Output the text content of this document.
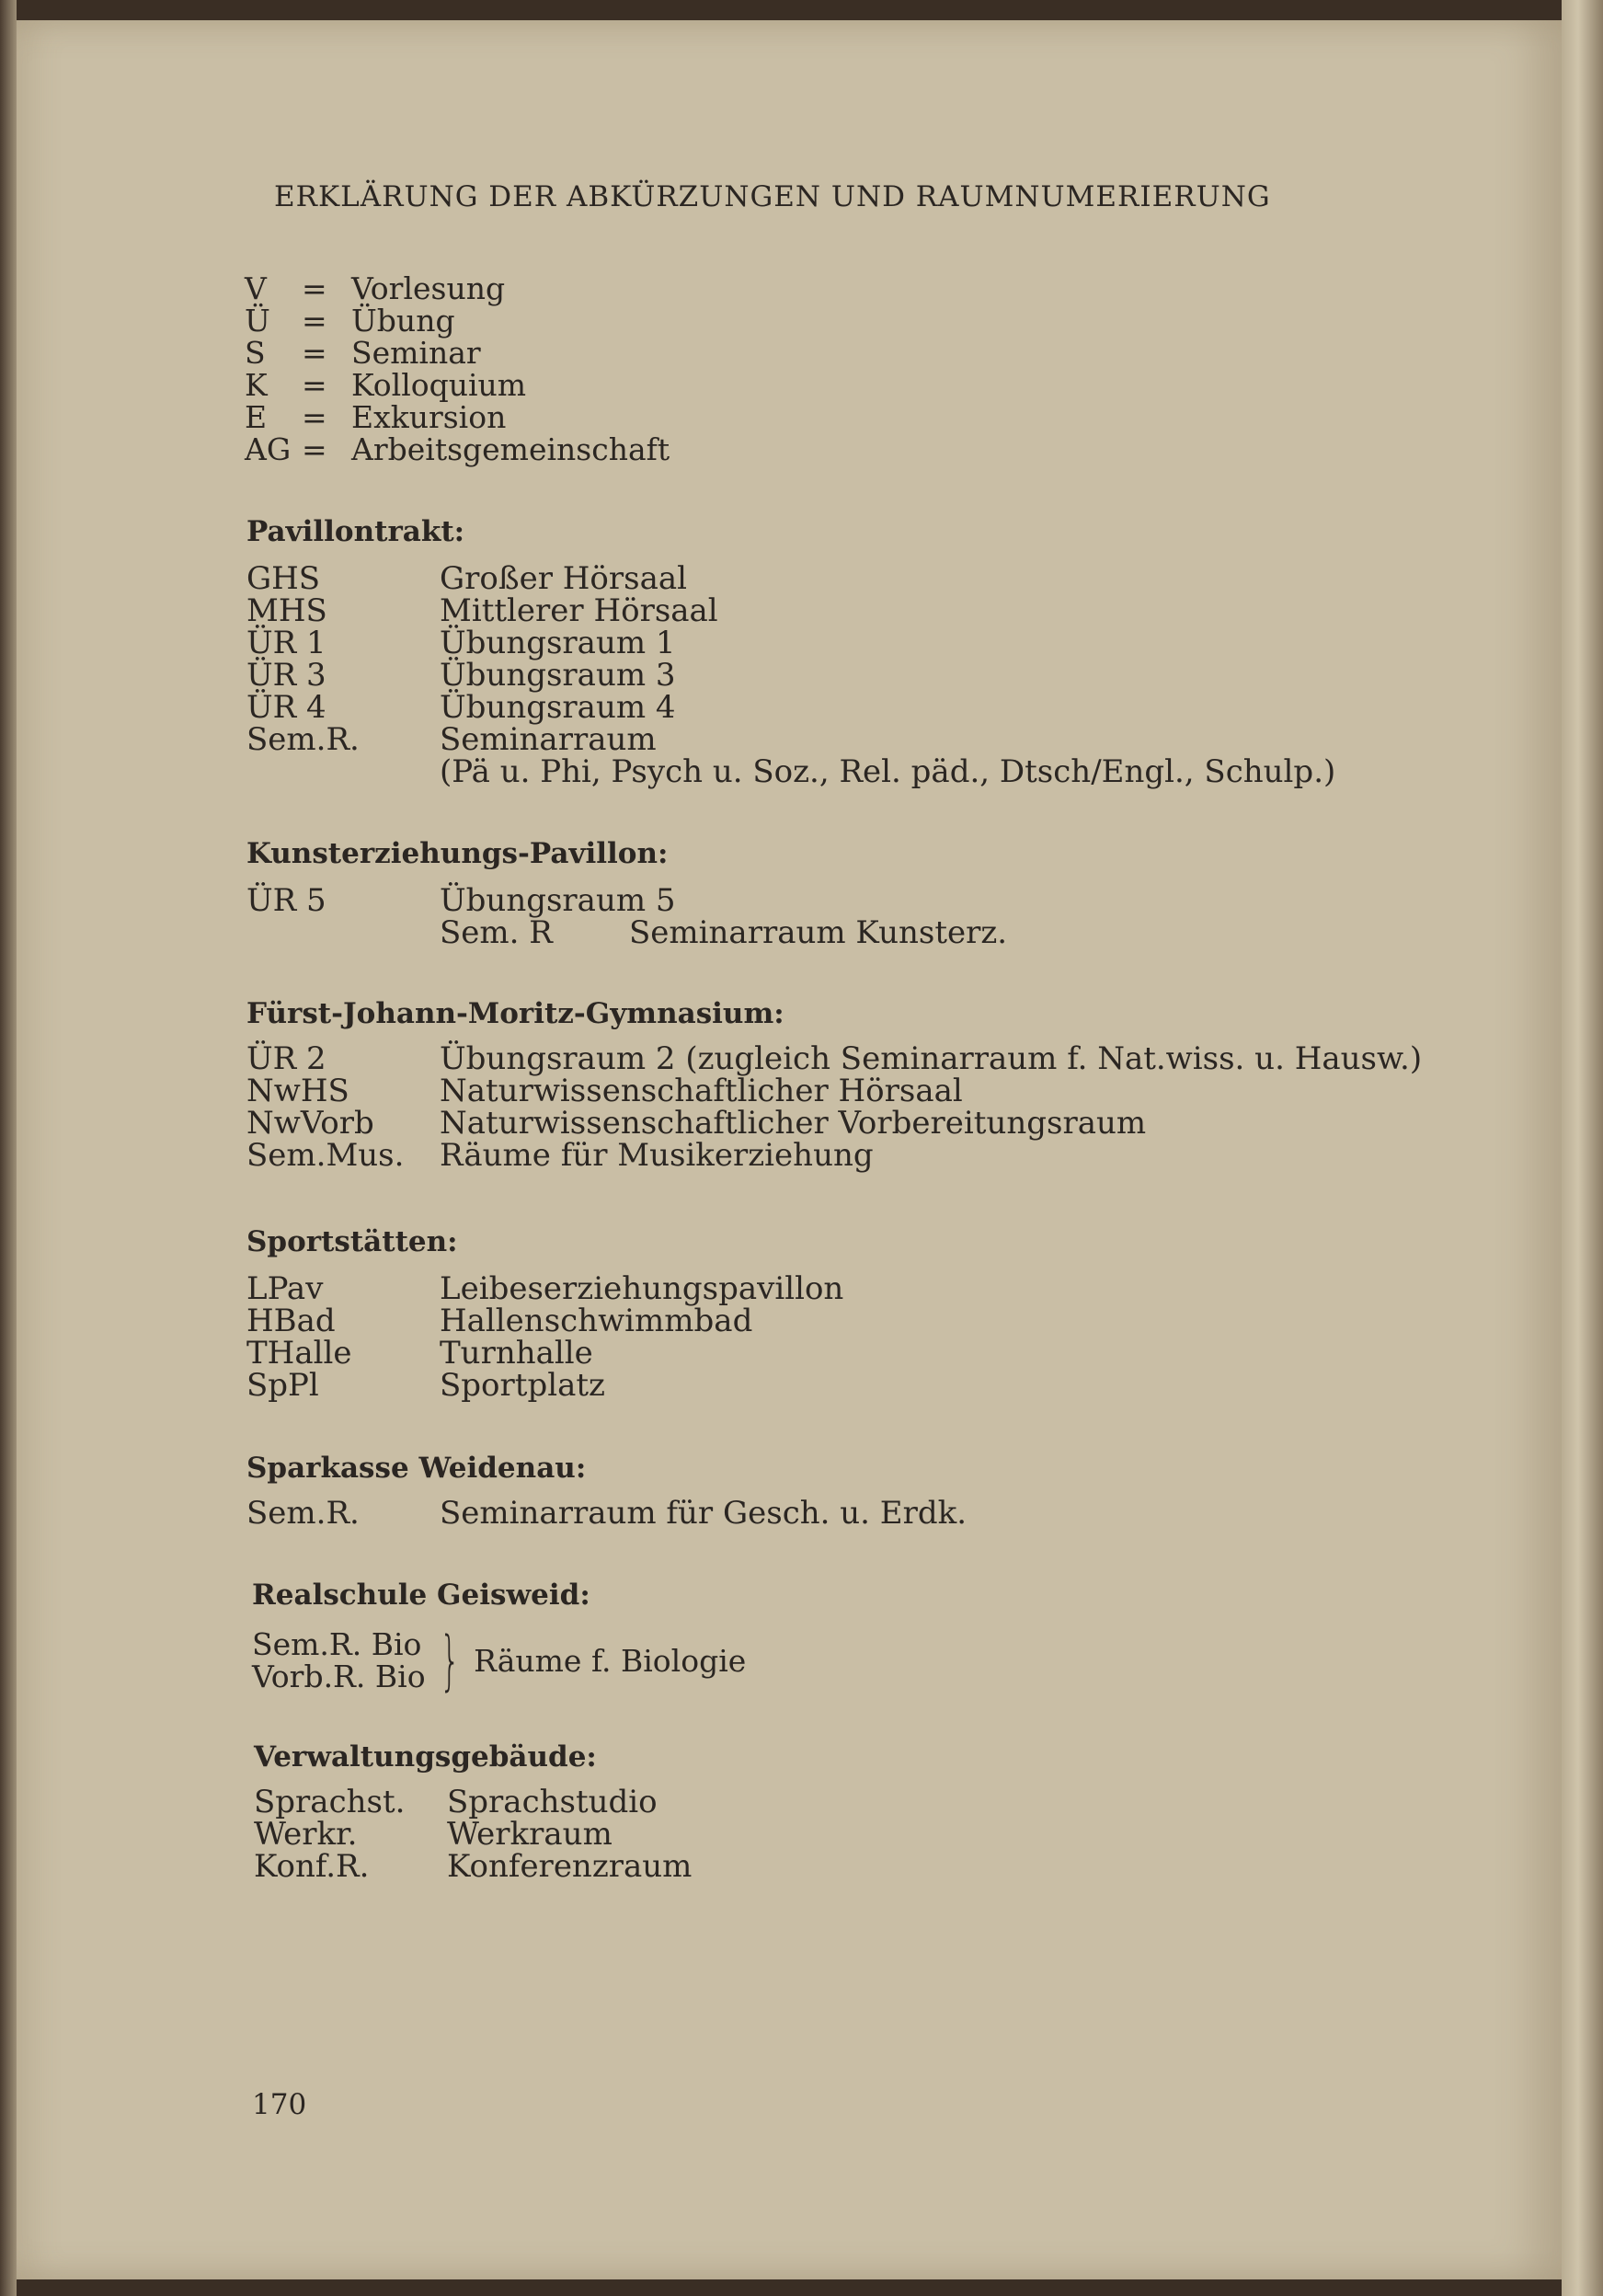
ERKLÄRUNG DER ABKÜRZUNGEN UND RAUMNUMERIERUNG
V	= Vorlesung
Ü	= Übung
S	= Seminar
K	= Kolloquium
E	= Exkursion
AG = Arbeitsgemeinschaft
Pavillontrakt:
GHS	Großer Hörsaal
MHS	Mittlerer Hörsaal
ÜR 1	Übungsraum 1
ÜR 3	Übungsraum 3
ÜR 4	Übungsraum 4
Sem.R.	Seminarraum
(Pä u. Phi, Psych u. Soz., Rel. päd., Dtsch/Engl., Schulp.)
Kunsterziehungs-Pavillon:
ÜR 5	Übungsraum 5
Sem. R	Seminarraum Kunsterz.
Fürst-Johann-Moritz-Gymnasium:
ÜR 2	Übungsraum 2 (zugleich Seminarraum f. Nat.wiss. u. Hausw.)
NwHS	Naturwissenschaftlicher Hörsaal
NwVorb	Naturwissenschaftlicher Vorbereitungsraum
Sem.Mus.	Räume für Musikerziehung
Sportstätten:
LPav	Leibeserziehungspavillon
HBad	Hallenschwimmbad
THalle	Turnhalle
SpPl	Sportplatz
Sparkasse Weidenau:
Sem.R.	Seminarraum für Gesch. u. Erdk.
Realschule Geisweid:
Sem.R. Bio
Vorb.R. Bio } Räume f. Biologie
Verwaltungsgebäude:
Sprachst.	Sprachstudio
Werkr.	Werkraum
Konf.R.	Konferenzraum
170
